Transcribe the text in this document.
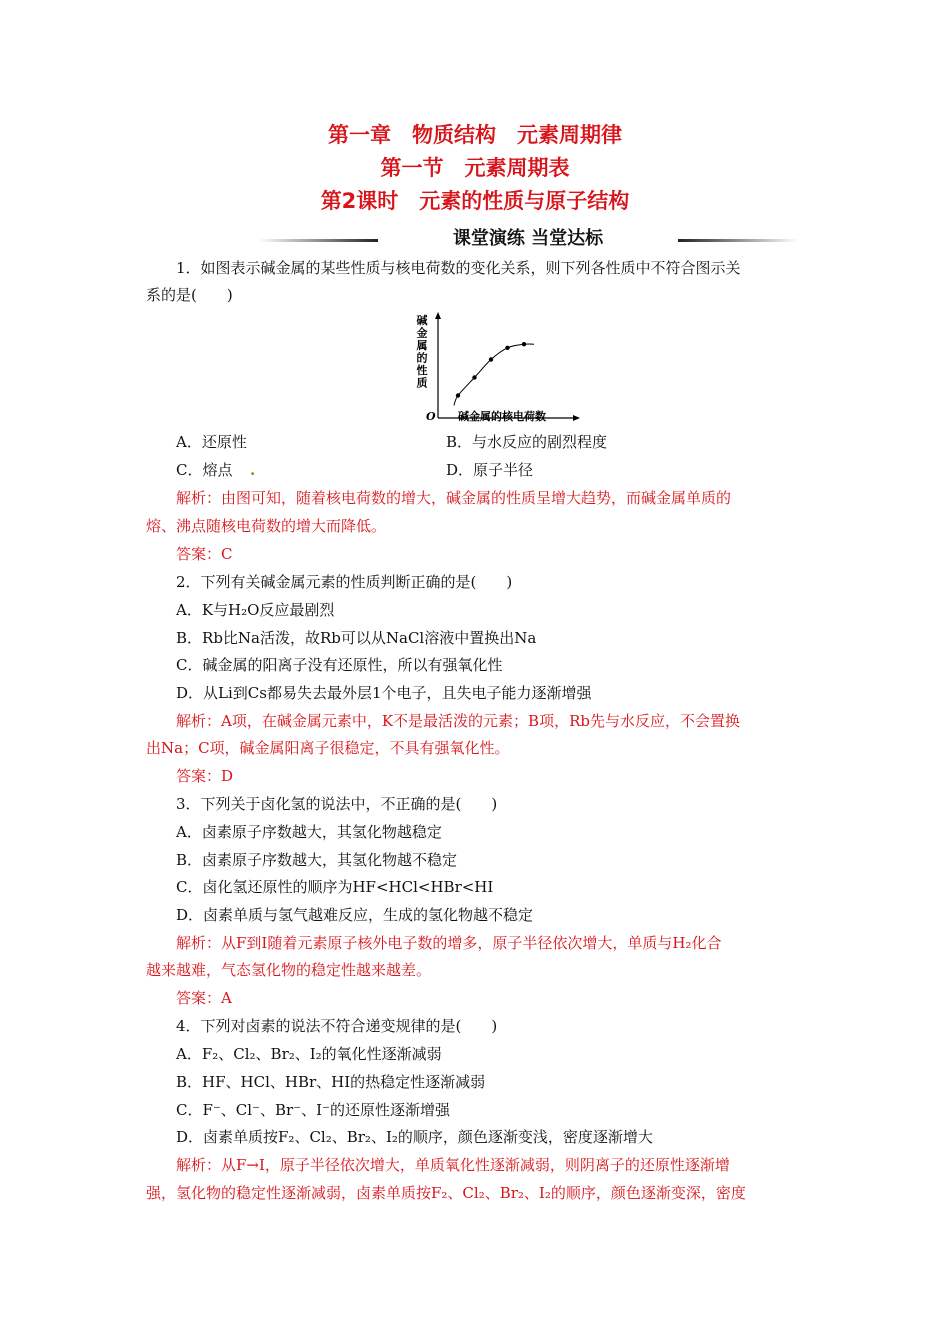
第一章　物质结构　元素周期律
第一节　元素周期表
第2课时　元素的性质与原子结构
课堂演练 当堂达标
1．如图表示碱金属的某些性质与核电荷数的变化关系，则下列各性质中不符合图示关
系的是(　　)
碱
金
属
的
性
质
O 碱金属的核电荷数
A．还原性	B．与水反应的剧烈程度
C．熔点 .	D．原子半径
解析：由图可知，随着核电荷数的增大，碱金属的性质呈增大趋势，而碱金属单质的
熔、沸点随核电荷数的增大而降低。
答案：C
2．下列有关碱金属元素的性质判断正确的是(　　)
A．K与H₂O反应最剧烈
B．Rb比Na活泼，故Rb可以从NaCl溶液中置换出Na
C．碱金属的阳离子没有还原性，所以有强氧化性
D．从Li到Cs都易失去最外层1个电子，且失电子能力逐渐增强
解析：A项，在碱金属元素中，K不是最活泼的元素；B项，Rb先与水反应，不会置换
出Na；C项，碱金属阳离子很稳定，不具有强氧化性。
答案：D
3．下列关于卤化氢的说法中，不正确的是(　　)
A．卤素原子序数越大，其氢化物越稳定
B．卤素原子序数越大，其氢化物越不稳定
C．卤化氢还原性的顺序为HF<HCl<HBr<HI
D．卤素单质与氢气越难反应，生成的氢化物越不稳定
解析：从F到I随着元素原子核外电子数的增多，原子半径依次增大，单质与H₂化合
越来越难，气态氢化物的稳定性越来越差。
答案：A
4．下列对卤素的说法不符合递变规律的是(　　)
A．F₂、Cl₂、Br₂、I₂的氧化性逐渐减弱
B．HF、HCl、HBr、HI的热稳定性逐渐减弱
C．F⁻、Cl⁻、Br⁻、I⁻的还原性逐渐增强
D．卤素单质按F₂、Cl₂、Br₂、I₂的顺序，颜色逐渐变浅，密度逐渐增大
解析：从F→I，原子半径依次增大，单质氧化性逐渐减弱，则阴离子的还原性逐渐增
强，氢化物的稳定性逐渐减弱，卤素单质按F₂、Cl₂、Br₂、I₂的顺序，颜色逐渐变深，密度
